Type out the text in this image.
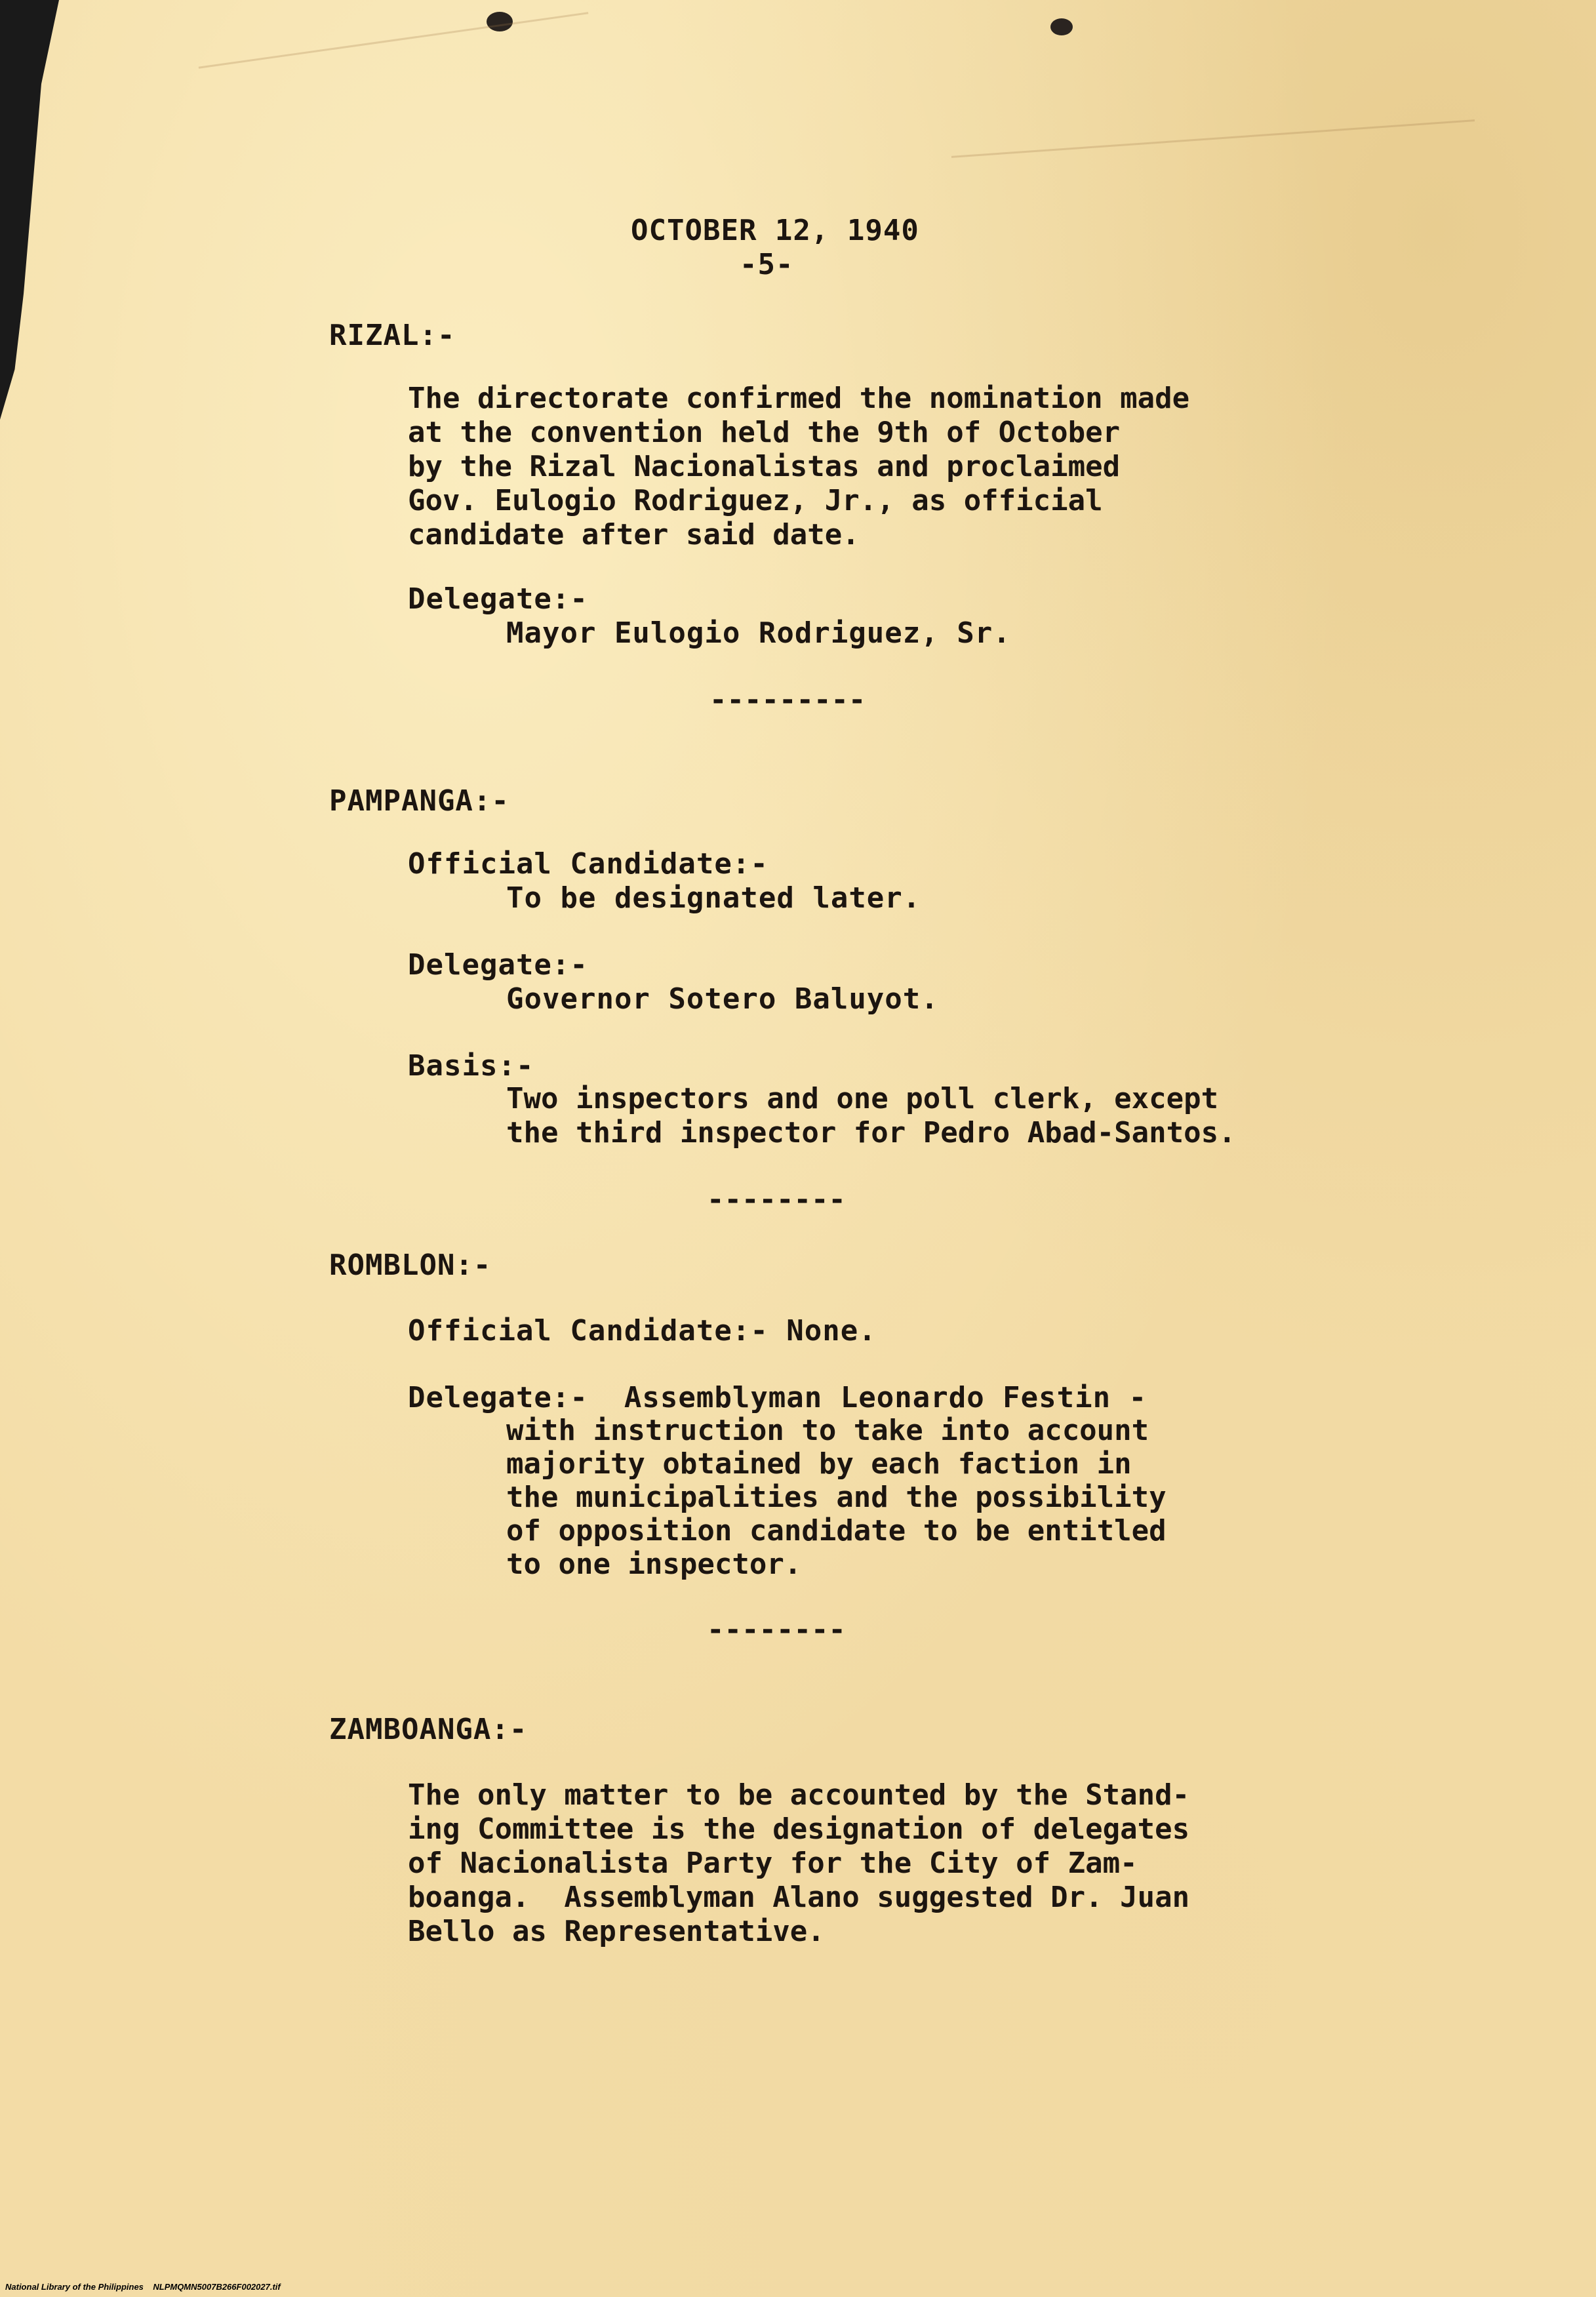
OCTOBER 12, 1940
-5-
RIZAL:-
The directorate confirmed the nomination made
at the convention held the 9th of October
by the Rizal Nacionalistas and proclaimed
Gov. Eulogio Rodriguez, Jr., as official
candidate after said date.
Delegate:-
Mayor Eulogio Rodriguez, Sr.
---------
PAMPANGA:-
Official Candidate:-
To be designated later.
Delegate:-
Governor Sotero Baluyot.
Basis:-
Two inspectors and one poll clerk, except
the third inspector for Pedro Abad-Santos.
--------
ROMBLON:-
Official Candidate:- None.
Delegate:-  Assemblyman Leonardo Festin -
with instruction to take into account
majority obtained by each faction in
the municipalities and the possibility
of opposition candidate to be entitled
to one inspector.
--------
ZAMBOANGA:-
The only matter to be accounted by the Stand-
ing Committee is the designation of delegates
of Nacionalista Party for the City of Zam-
boanga.  Assemblyman Alano suggested Dr. Juan
Bello as Representative.
National Library of the Philippines    NLPMQMN5007B266F002027.tif
